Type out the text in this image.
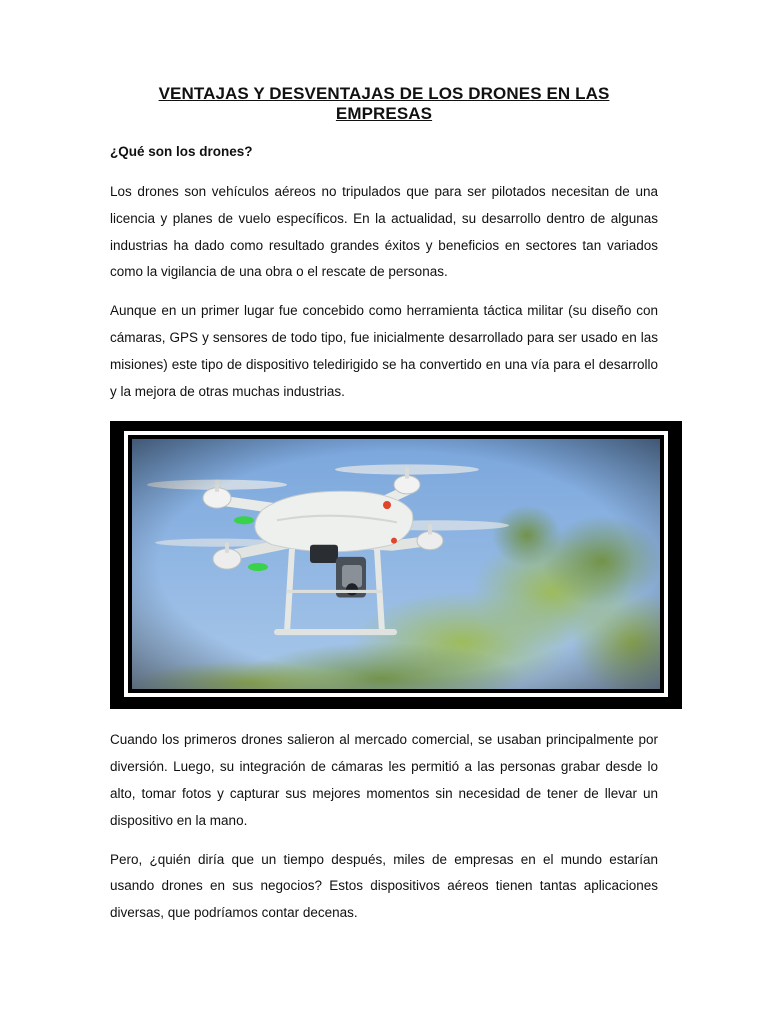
VENTAJAS Y DESVENTAJAS DE LOS DRONES EN LAS EMPRESAS

¿Qué son los drones?

Los drones son vehículos aéreos no tripulados que para ser pilotados necesitan de una licencia y planes de vuelo específicos. En la actualidad, su desarrollo dentro de algunas industrias ha dado como resultado grandes éxitos y beneficios en sectores tan variados como la vigilancia de una obra o el rescate de personas.

Aunque en un primer lugar fue concebido como herramienta táctica militar (su diseño con cámaras, GPS y sensores de todo tipo, fue inicialmente desarrollado para ser usado en las misiones) este tipo de dispositivo teledirigido se ha convertido en una vía para el desarrollo y la mejora de otras muchas industrias.

Cuando los primeros drones salieron al mercado comercial, se usaban principalmente por diversión. Luego, su integración de cámaras les permitió a las personas grabar desde lo alto, tomar fotos y capturar sus mejores momentos sin necesidad de tener de llevar un dispositivo en la mano.

Pero, ¿quién diría que un tiempo después, miles de empresas en el mundo estarían usando drones en sus negocios? Estos dispositivos aéreos tienen tantas aplicaciones diversas, que podríamos contar decenas.
